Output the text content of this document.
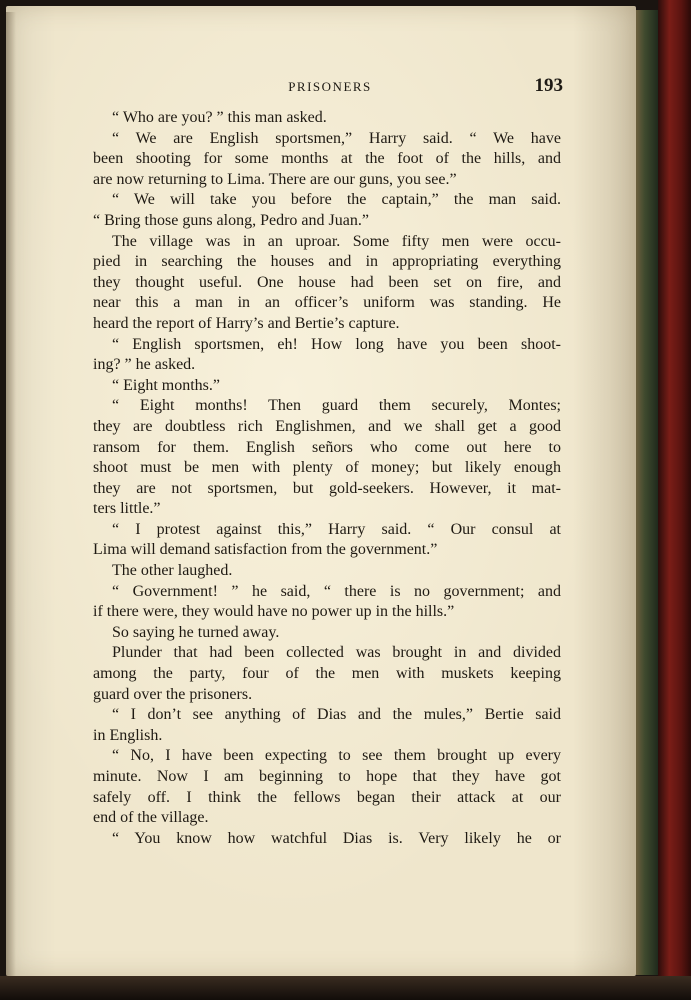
PRISONERS	193
“ Who are you? ” this man asked.
“ We are English sportsmen,” Harry said. “ We have
been shooting for some months at the foot of the hills, and
are now returning to Lima. There are our guns, you see.”
“ We will take you before the captain,” the man said.
“ Bring those guns along, Pedro and Juan.”
The village was in an uproar. Some fifty men were occu-
pied in searching the houses and in appropriating everything
they thought useful. One house had been set on fire, and
near this a man in an officer’s uniform was standing. He
heard the report of Harry’s and Bertie’s capture.
“ English sportsmen, eh! How long have you been shoot-
ing? ” he asked.
“ Eight months.”
“ Eight months! Then guard them securely, Montes;
they are doubtless rich Englishmen, and we shall get a good
ransom for them. English señors who come out here to
shoot must be men with plenty of money; but likely enough
they are not sportsmen, but gold-seekers. However, it mat-
ters little.”
“ I protest against this,” Harry said. “ Our consul at
Lima will demand satisfaction from the government.”
The other laughed.
“ Government! ” he said, “ there is no government; and
if there were, they would have no power up in the hills.”
So saying he turned away.
Plunder that had been collected was brought in and divided
among the party, four of the men with muskets keeping
guard over the prisoners.
“ I don’t see anything of Dias and the mules,” Bertie said
in English.
“ No, I have been expecting to see them brought up every
minute. Now I am beginning to hope that they have got
safely off. I think the fellows began their attack at our
end of the village.
“ You know how watchful Dias is. Very likely he or
